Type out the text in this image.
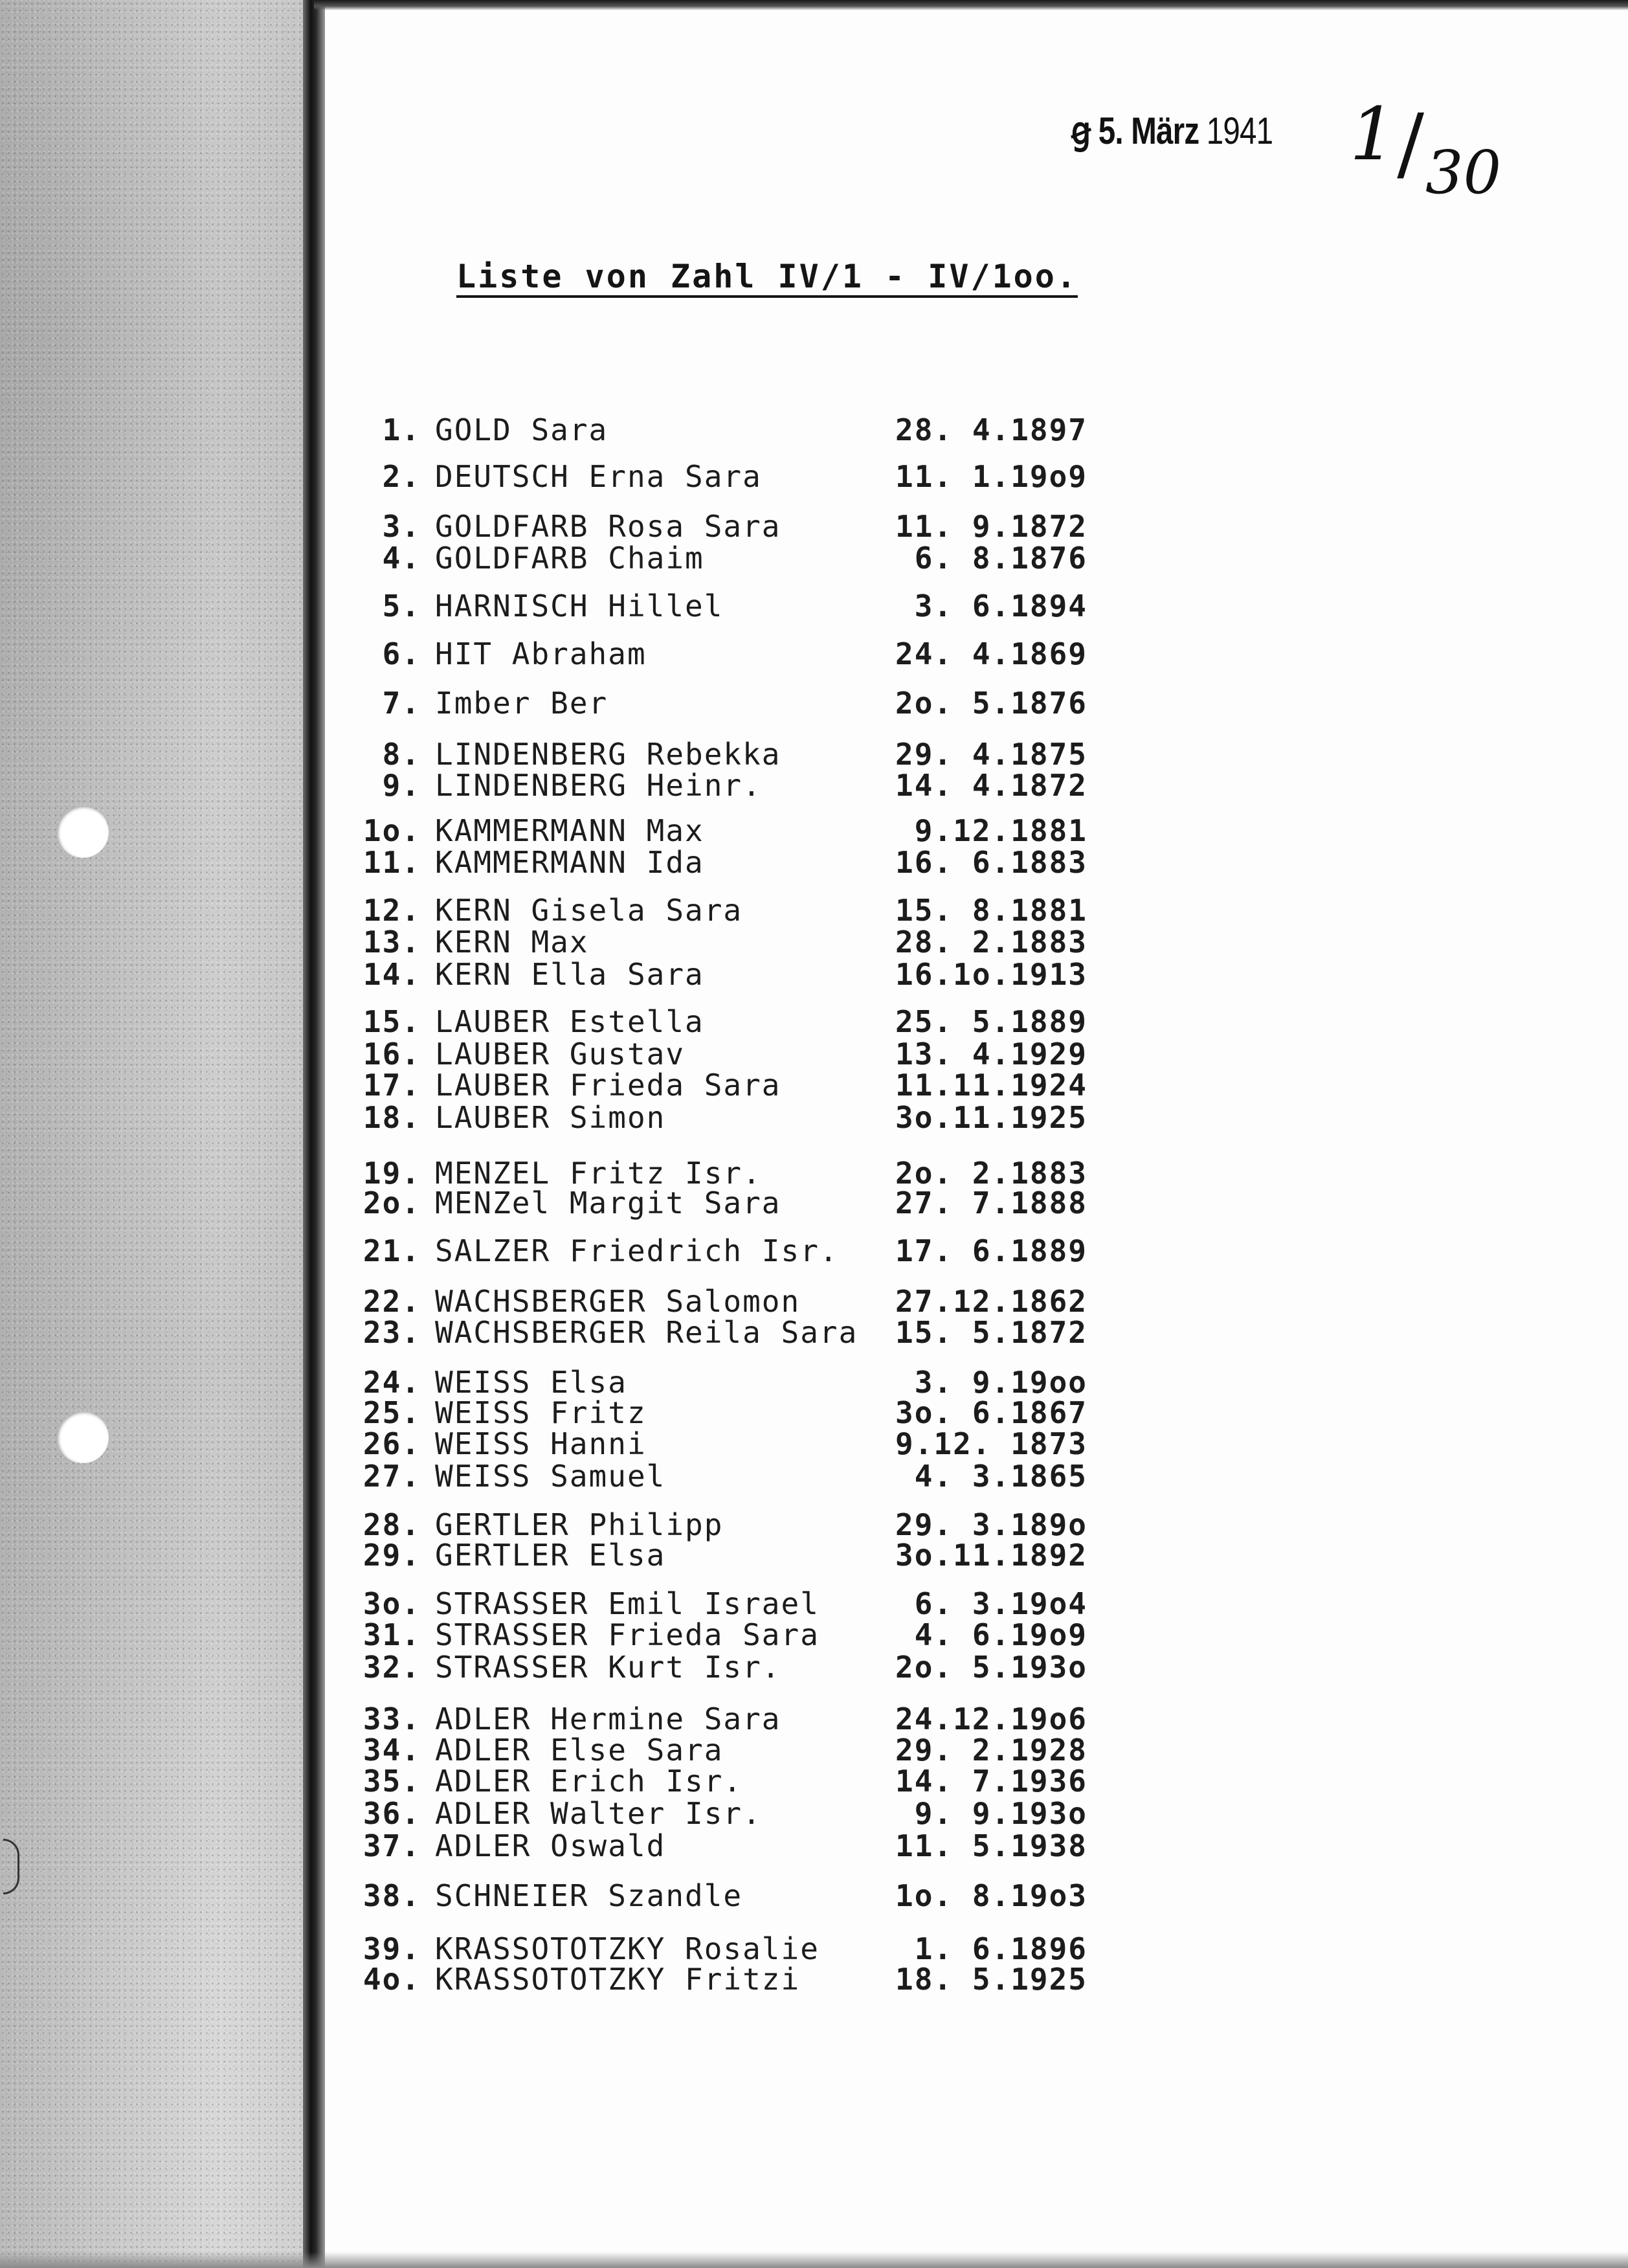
ꞡ 5. März 1941 $1/_{30}$
Liste von Zahl IV/1 - IV/1oo.
1. GOLD Sara	28. 4.1897
2. DEUTSCH Erna Sara	11. 1.19o9
3. GOLDFARB Rosa Sara	11. 9.1872
4. GOLDFARB Chaim	6. 8.1876
5. HARNISCH Hillel	3. 6.1894
6. HIT Abraham	24. 4.1869
7. Imber Ber	2o. 5.1876
8. LINDENBERG Rebekka	29. 4.1875
9. LINDENBERG Heinr.	14. 4.1872
1o. KAMMERMANN Max	9.12.1881
11. KAMMERMANN Ida	16. 6.1883
12. KERN Gisela Sara	15. 8.1881
13. KERN Max	28. 2.1883
14. KERN Ella Sara	16.1o.1913
15. LAUBER Estella	25. 5.1889
16. LAUBER Gustav	13. 4.1929
17. LAUBER Frieda Sara	11.11.1924
18. LAUBER Simon	3o.11.1925
19. MENZEL Fritz Isr.	2o. 2.1883
2o. MENZel Margit Sara	27. 7.1888
21. SALZER Friedrich Isr. 17. 6.1889
22. WACHSBERGER Salomon	27.12.1862
23. WACHSBERGER Reila Sara 15. 5.1872
24. WEISS Elsa	3. 9.19oo
25. WEISS Fritz	3o. 6.1867
26. WEISS Hanni	9.12. 1873
27. WEISS Samuel	4. 3.1865
28. GERTLER Philipp	29. 3.189o
29. GERTLER Elsa	3o.11.1892
3o. STRASSER Emil Israel	6. 3.19o4
31. STRASSER Frieda Sara	4. 6.19o9
32. STRASSER Kurt Isr.	2o. 5.193o
33. ADLER Hermine Sara	24.12.19o6
34. ADLER Else Sara	29. 2.1928
35. ADLER Erich Isr.	14. 7.1936
36. ADLER Walter Isr.	9. 9.193o
37. ADLER Oswald	11. 5.1938
38. SCHNEIER Szandle	1o. 8.19o3
39. KRASSOTOTZKY Rosalie	1. 6.1896
4o. KRASSOTOTZKY Fritzi	18. 5.1925
